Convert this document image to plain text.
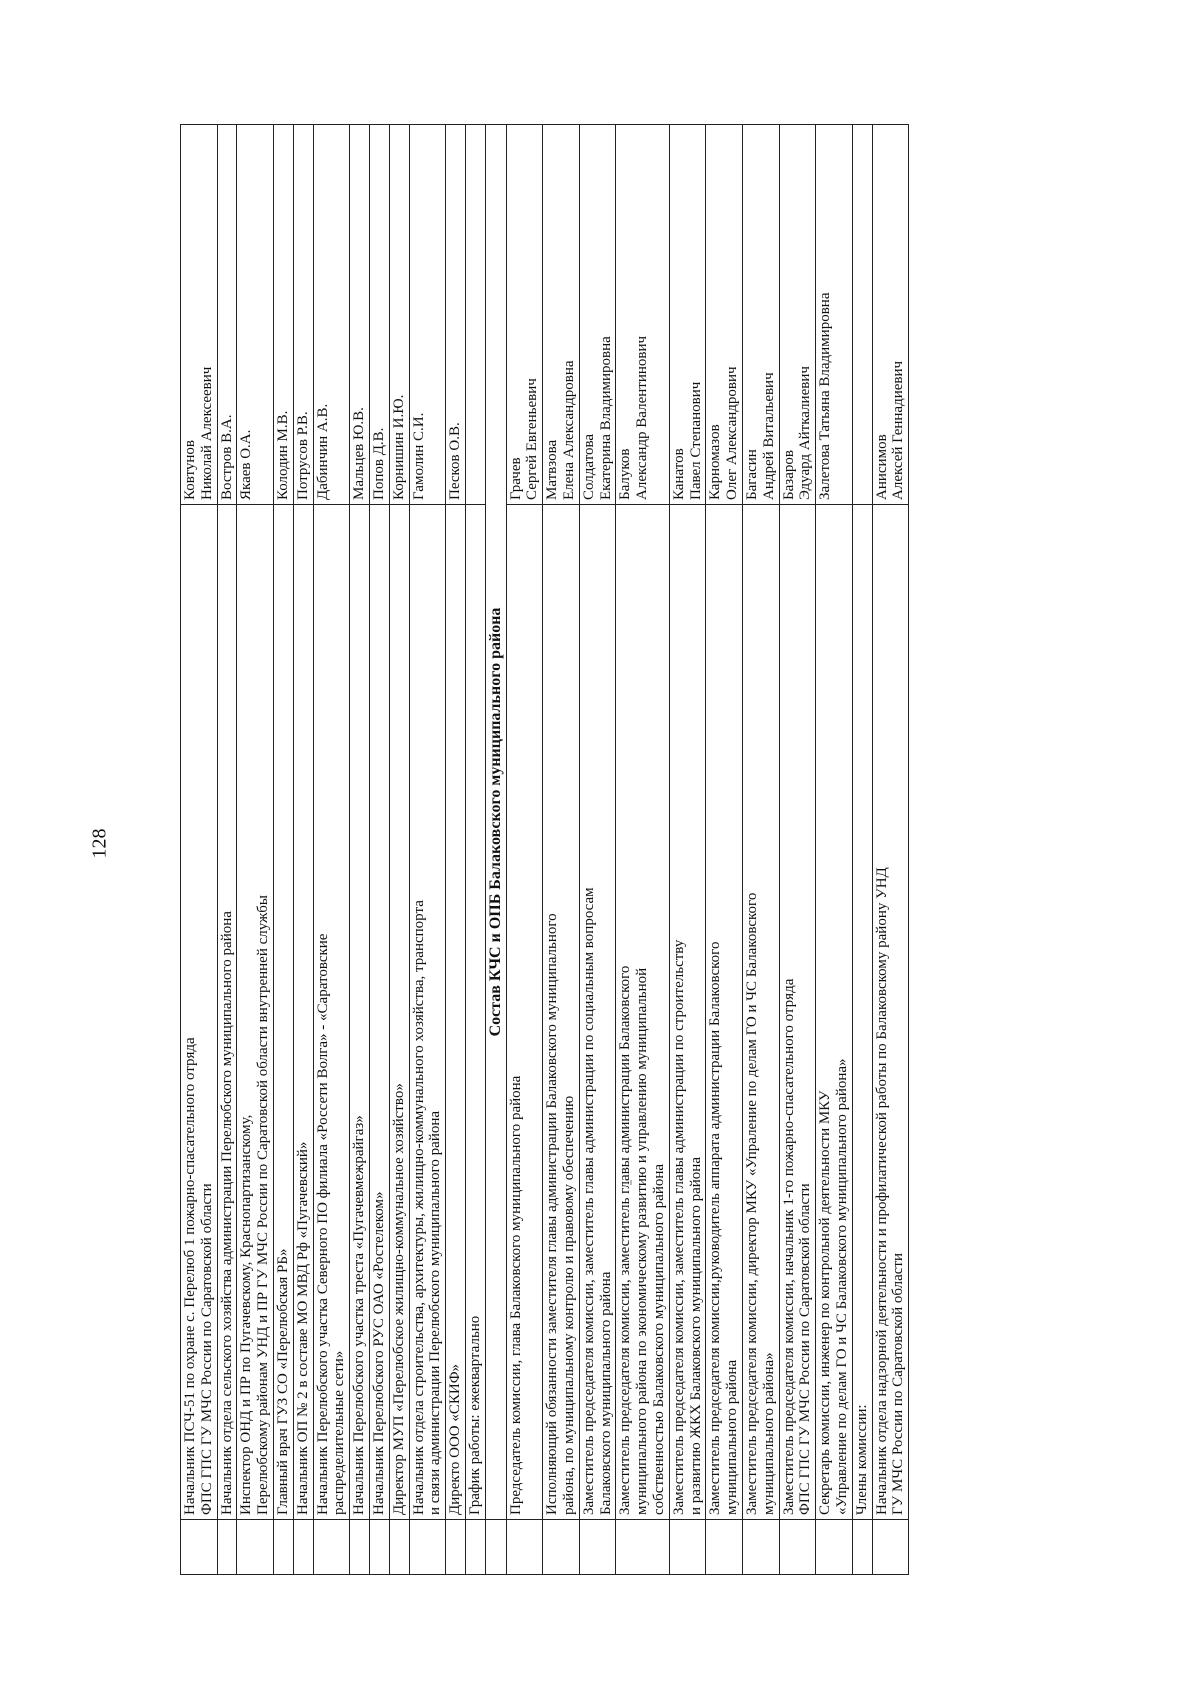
128

	Начальник ПСЧ-51 по охране с. Перелюб 1 пожарно-спасательного отряда ФПС ГПС ГУ МЧС России по Саратовской области	Ковтунов Николай Алексеевич

	Начальник отдела сельского хозяйства администрации Перелюбского муниципального района	Востров В.А.

	Инспектор ОНД и ПР по Пугачевскому, Краснопартизанскому, Перелюбскому районам УНД и ПР ГУ МЧС России по Саратовской области внутренней службы	Якаев О.А.

	Главный врач ГУЗ СО «Перелюбская РБ»	Колодин М.В.

	Начальник ОП № 2 в составе МО МВД Рф «Пугачевский»	Потрусов Р.В.

	Начальник Перелюбского участка Северного ПО филиала «Россети Волга» - «Саратовские распределительные сети»	Дабинчин А.В.

	Начальник Перелюбского участка треста «Пугачевмежрайгаз»	Мальцев Ю.В.

	Начальник Перелюбского РУС ОАО «Ростелеком»	Попов Д.В.

	Директор МУП «Перелюбское жилищно-коммунальное хозяйство»	Корнишин И.Ю.

	Начальник отдела строительства, архитектуры, жилищно-коммунального хозяйства, транспорта и связи администрации Перелюбского муниципального района	Гамолин С.И.

	Директо ООО «СКИФ»	Песков О.В.

	График работы: ежеквартально	

	Состав КЧС и ОПБ Балаковского муниципального района	

	Председатель комиссии, глава Балаковского муниципального района	Грачев Сергей Евгеньевич

	Исполняющий обязанности заместителя главы администрации Балаковского муниципального района, по муниципальному контролю и правовому обеспечению	Матвзова Елена Александровна

	Заместитель председателя комиссии, заместитель главы администрации по социальным вопросам Балаковского муниципального района	Солдатова Екатерина Владимировна

	Заместитель председателя комиссии, заместитель главы администрации Балаковского муниципального района по экономическому развитию и управлению муниципальной собственностью Балаковского муниципального района	Балуков Александр Валентинович

	Заместитель председателя комиссии, заместитель главы администрации по строительству и развитию ЖКХ Балаковского муниципального района	Канатов Павел Степанович

	Заместитель председателя комиссии,руководитель аппарата администрации Балаковского муниципального района	Карномазов Олег Александрович

	Заместитель председателя комиссии, директор МКУ «Упраление по делам ГО и ЧС Балаковского муниципального района»	Багасин Андрей Витальевич

	Заместитель председателя комиссии, начальник 1-го пожарно-спасательного отряда ФПС ГПС ГУ МЧС России по Саратовской области	Базаров Эдуард Айткалиевич

	Секретарь комиссии, инженер по контрольной деятельности МКУ «Управление по делам ГО и ЧС Балаковского муниципального района»	Залетова Татьяна Владимировна

	Члены комиссии:	

	Начальник отдела надзорной деятельности и профилатической работы по Балаковскому району УНД ГУ МЧС России по Саратовской области	Анисимов Алексей Геннадиевич
